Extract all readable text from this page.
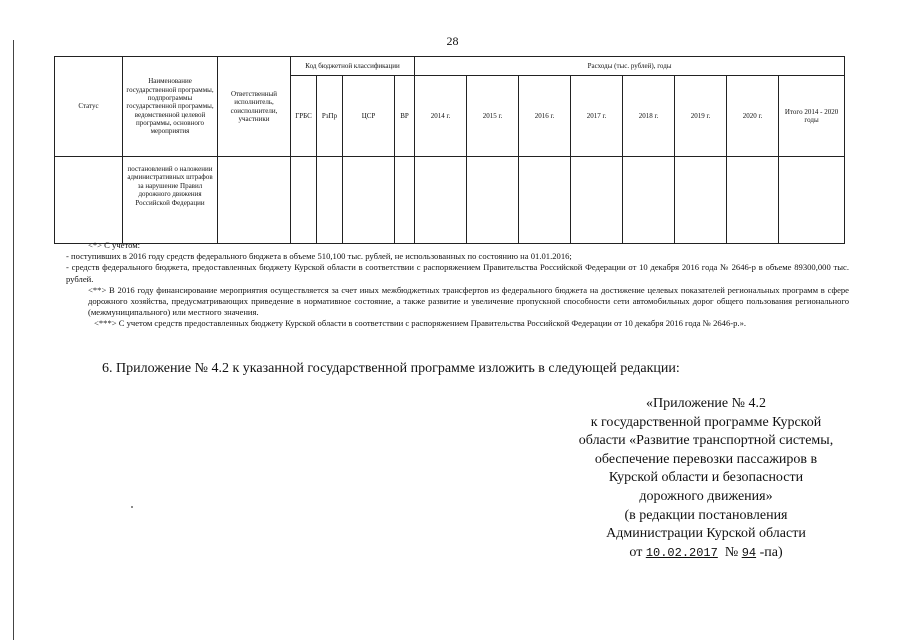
28
Статус	Наименование государственной программы, подпрограммы государственной программы, ведомственной целевой программы, основного мероприятия	Ответственный исполнитель, соисполнители, участники	Код бюджетной классификации				Расходы (тыс. рублей), годы							
			ГРБС	РзПр	ЦСР	ВР	2014 г.	2015 г.	2016 г.	2017 г.	2018 г.	2019 г.	2020 г.	Итого 2014 - 2020 годы
	постановлений о наложении административных штрафов за нарушение Правил дорожного движения Российской Федерации													

<*> С учетом:

- поступивших в 2016 году средств федерального бюджета в объеме 510,100 тыс. рублей, не использованных по состоянию на 01.01.2016;

- средств федерального бюджета, предоставленных бюджету Курской области в соответствии с распоряжением Правительства Российской Федерации от 10 декабря 2016 года № 2646-р в объеме 89300,000 тыс. рублей.

<**> В 2016 году финансирование мероприятия осуществляется за счет иных межбюджетных трансфертов из федерального бюджета на достижение целевых показателей региональных программ в сфере дорожного хозяйства, предусматривающих приведение в нормативное состояние, а также развитие и увеличение пропускной способности сети автомобильных дорог общего пользования регионального (межмуниципального) или местного значения.

<***> С учетом средств предоставленных бюджету Курской области в соответствии с распоряжением Правительства Российской Федерации от 10 декабря 2016 года № 2646-р.».

6. Приложение № 4.2 к указанной государственной программе изложить в следующей редакции:
«Приложение № 4.2
к государственной программе Курской
области «Развитие транспортной системы,
обеспечение перевозки пассажиров в
Курской области и безопасности
дорожного движения»
(в редакции постановления
Администрации Курской области
от 10.02.2017  № 94 -па)
